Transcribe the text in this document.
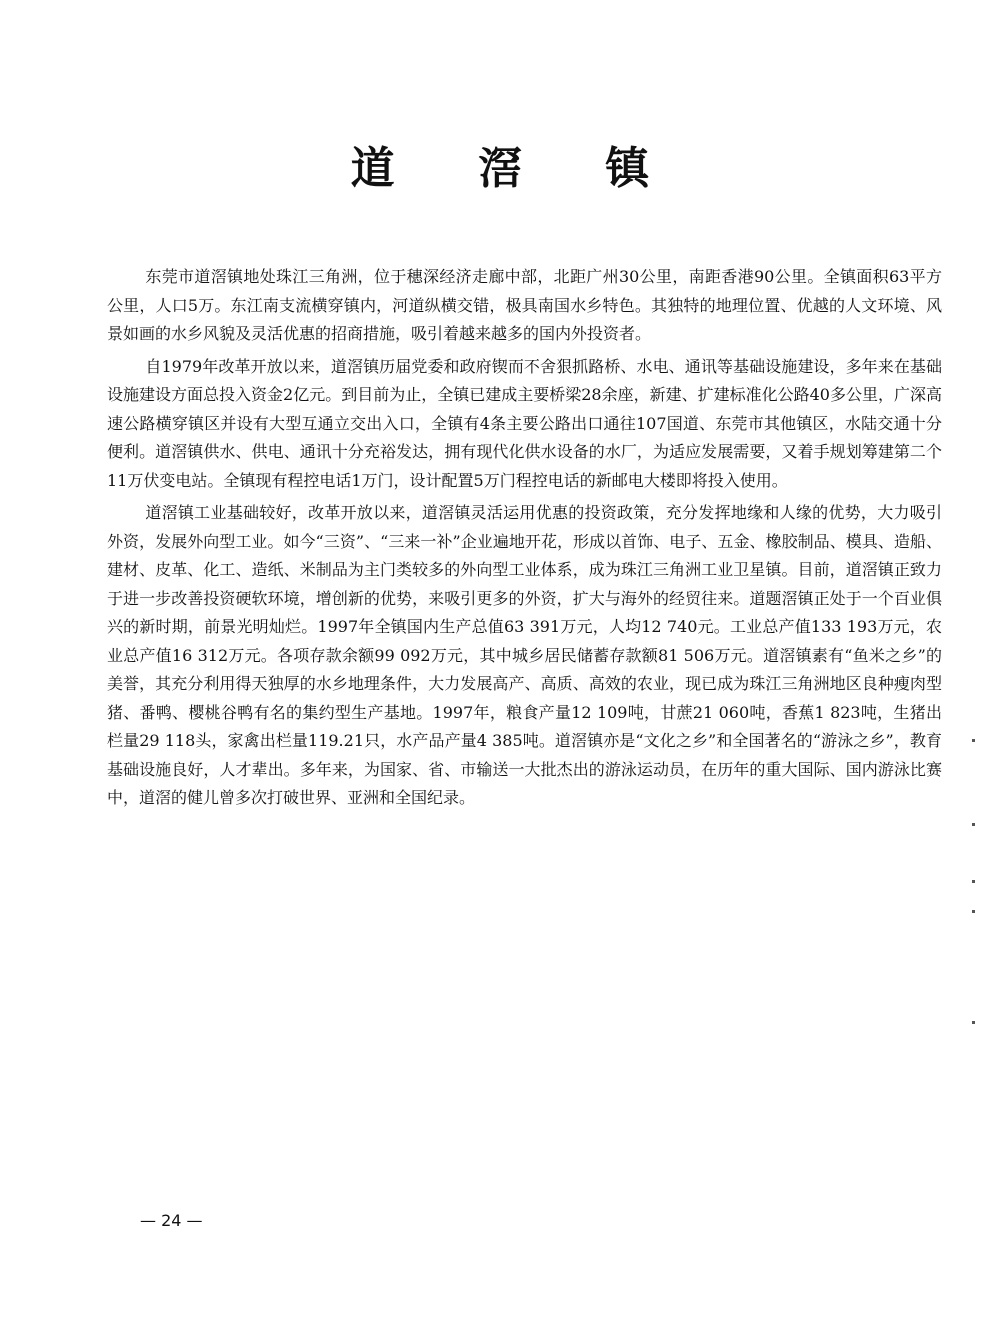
道 滘 镇

东莞市道滘镇地处珠江三角洲，位于穗深经济走廊中部，北距广州30公里，南距香港90公里。全镇面积63平方公里，人口5万。东江南支流横穿镇内，河道纵横交错，极具南国水乡特色。其独特的地理位置、优越的人文环境、风景如画的水乡风貌及灵活优惠的招商措施，吸引着越来越多的国内外投资者。

自1979年改革开放以来，道滘镇历届党委和政府锲而不舍狠抓路桥、水电、通讯等基础设施建设，多年来在基础设施建设方面总投入资金2亿元。到目前为止，全镇已建成主要桥梁28余座，新建、扩建标准化公路40多公里，广深高速公路横穿镇区并设有大型互通立交出入口，全镇有4条主要公路出口通往107国道、东莞市其他镇区，水陆交通十分便利。道滘镇供水、供电、通讯十分充裕发达，拥有现代化供水设备的水厂，为适应发展需要，又着手规划筹建第二个11万伏变电站。全镇现有程控电话1万门，设计配置5万门程控电话的新邮电大楼即将投入使用。

道滘镇工业基础较好，改革开放以来，道滘镇灵活运用优惠的投资政策，充分发挥地缘和人缘的优势，大力吸引外资，发展外向型工业。如今“三资”、“三来一补”企业遍地开花，形成以首饰、电子、五金、橡胶制品、模具、造船、建材、皮革、化工、造纸、米制品为主门类较多的外向型工业体系，成为珠江三角洲工业卫星镇。目前，道滘镇正致力于进一步改善投资硬软环境，增创新的优势，来吸引更多的外资，扩大与海外的经贸往来。道题滘镇正处于一个百业俱兴的新时期，前景光明灿烂。1997年全镇国内生产总值63 391万元，人均12 740元。工业总产值133 193万元，农业总产值16 312万元。各项存款余额99 092万元，其中城乡居民储蓄存款额81 506万元。道滘镇素有“鱼米之乡”的美誉，其充分利用得天独厚的水乡地理条件，大力发展高产、高质、高效的农业，现已成为珠江三角洲地区良种瘦肉型猪、番鸭、樱桃谷鸭有名的集约型生产基地。1997年，粮食产量12 109吨，甘蔗21 060吨，香蕉1 823吨，生猪出栏量29 118头，家禽出栏量119.21只，水产品产量4 385吨。道滘镇亦是“文化之乡”和全国著名的“游泳之乡”，教育基础设施良好，人才辈出。多年来，为国家、省、市输送一大批杰出的游泳运动员，在历年的重大国际、国内游泳比赛中，道滘的健儿曾多次打破世界、亚洲和全国纪录。

— 24 —
